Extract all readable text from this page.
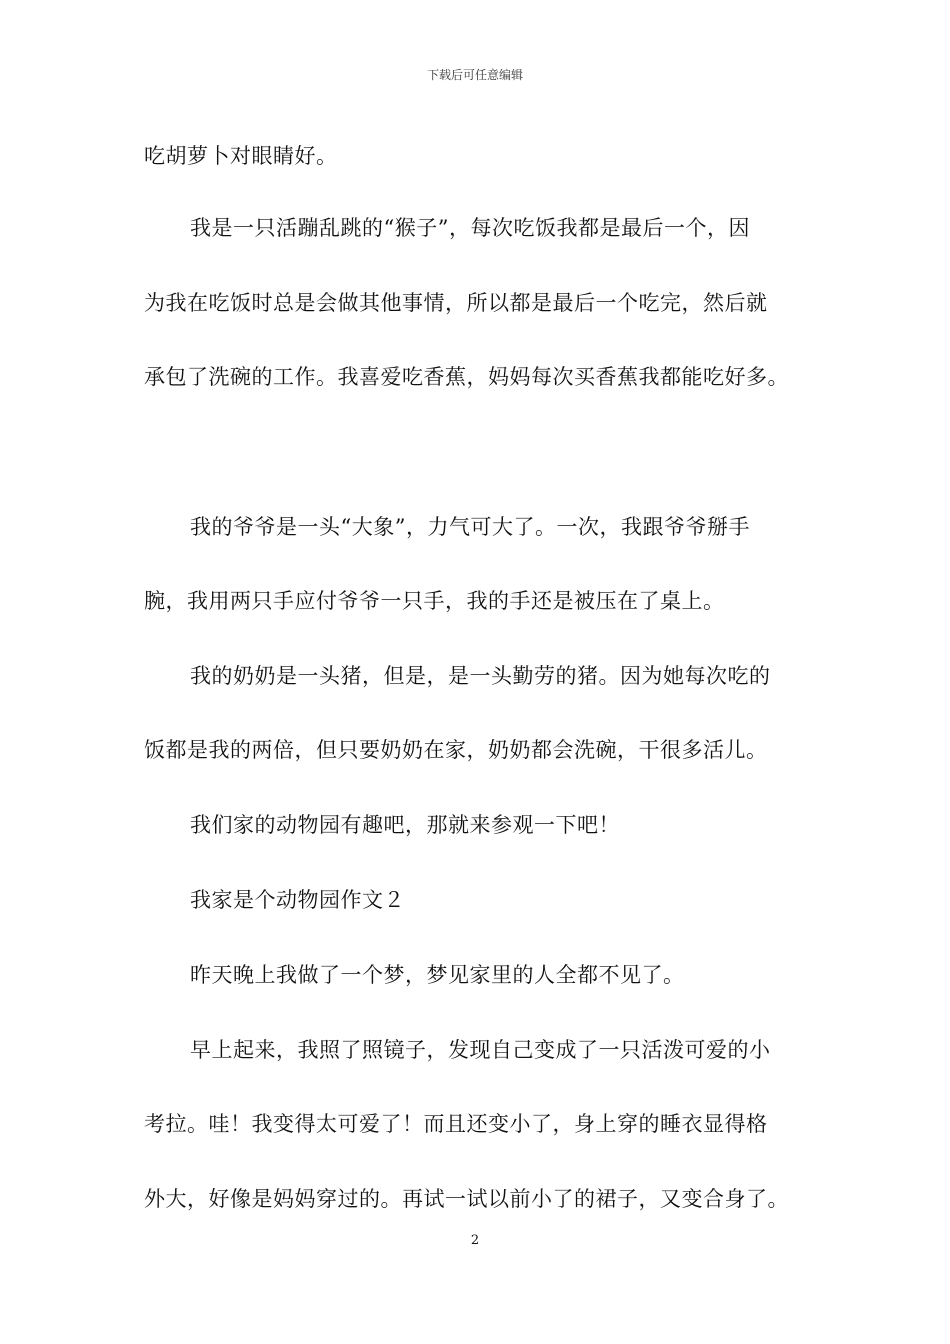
下载后可任意编辑
吃胡萝卜对眼睛好。
我是一只活蹦乱跳的“猴子”，每次吃饭我都是最后一个，因
为我在吃饭时总是会做其他事情，所以都是最后一个吃完，然后就
承包了洗碗的工作。我喜爱吃香蕉，妈妈每次买香蕉我都能吃好多。
我的爷爷是一头“大象”，力气可大了。一次，我跟爷爷掰手
腕，我用两只手应付爷爷一只手，我的手还是被压在了桌上。
我的奶奶是一头猪，但是，是一头勤劳的猪。因为她每次吃的
饭都是我的两倍，但只要奶奶在家，奶奶都会洗碗，干很多活儿。
我们家的动物园有趣吧，那就来参观一下吧！
我家是个动物园作文２
昨天晚上我做了一个梦，梦见家里的人全都不见了。
早上起来，我照了照镜子，发现自己变成了一只活泼可爱的小
考拉。哇！我变得太可爱了！而且还变小了，身上穿的睡衣显得格
外大，好像是妈妈穿过的。再试一试以前小了的裙子，又变合身了。
2
